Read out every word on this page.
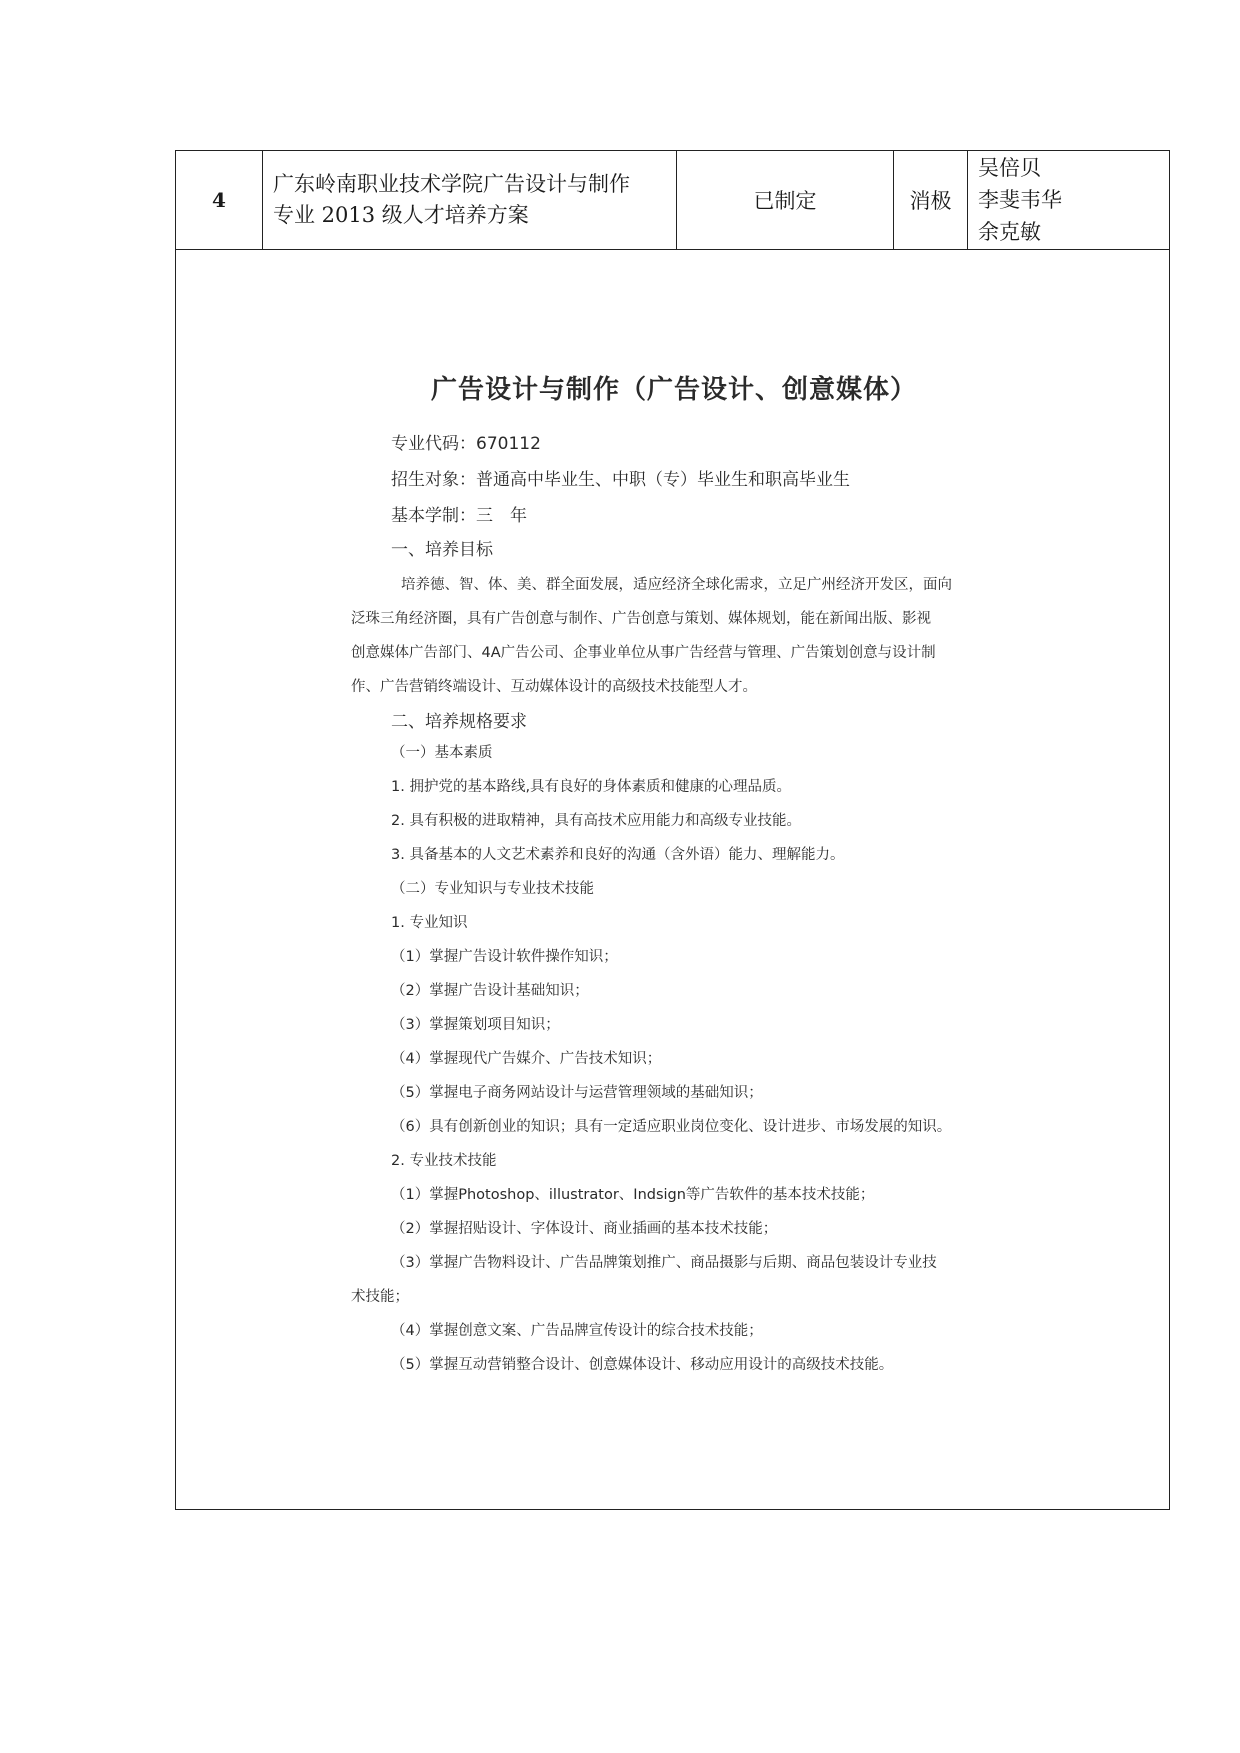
4
广东岭南职业技术学院广告设计与制作
专业 2013 级人才培养方案
已制定	消极
吴倍贝
李斐韦华
余克敏
广告设计与制作（广告设计、创意媒体）
专业代码：670112
招生对象：普通高中毕业生、中职（专）毕业生和职高毕业生
基本学制：三　年
一、培养目标
培养德、智、体、美、群全面发展，适应经济全球化需求，立足广州经济开发区，面向
泛珠三角经济圈，具有广告创意与制作、广告创意与策划、媒体规划，能在新闻出版、影视
创意媒体广告部门、4A广告公司、企事业单位从事广告经营与管理、广告策划创意与设计制
作、广告营销终端设计、互动媒体设计的高级技术技能型人才。
二、培养规格要求
（一）基本素质
1. 拥护党的基本路线,具有良好的身体素质和健康的心理品质。
2. 具有积极的进取精神，具有高技术应用能力和高级专业技能。
3. 具备基本的人文艺术素养和良好的沟通（含外语）能力、理解能力。
（二）专业知识与专业技术技能
1. 专业知识
（1）掌握广告设计软件操作知识；
（2）掌握广告设计基础知识；
（3）掌握策划项目知识；
（4）掌握现代广告媒介、广告技术知识；
（5）掌握电子商务网站设计与运营管理领域的基础知识；
（6）具有创新创业的知识；具有一定适应职业岗位变化、设计进步、市场发展的知识。
2. 专业技术技能
（1）掌握Photoshop、illustrator、Indsign等广告软件的基本技术技能；
（2）掌握招贴设计、字体设计、商业插画的基本技术技能；
（3）掌握广告物料设计、广告品牌策划推广、商品摄影与后期、商品包装设计专业技
术技能；
（4）掌握创意文案、广告品牌宣传设计的综合技术技能；
（5）掌握互动营销整合设计、创意媒体设计、移动应用设计的高级技术技能。
